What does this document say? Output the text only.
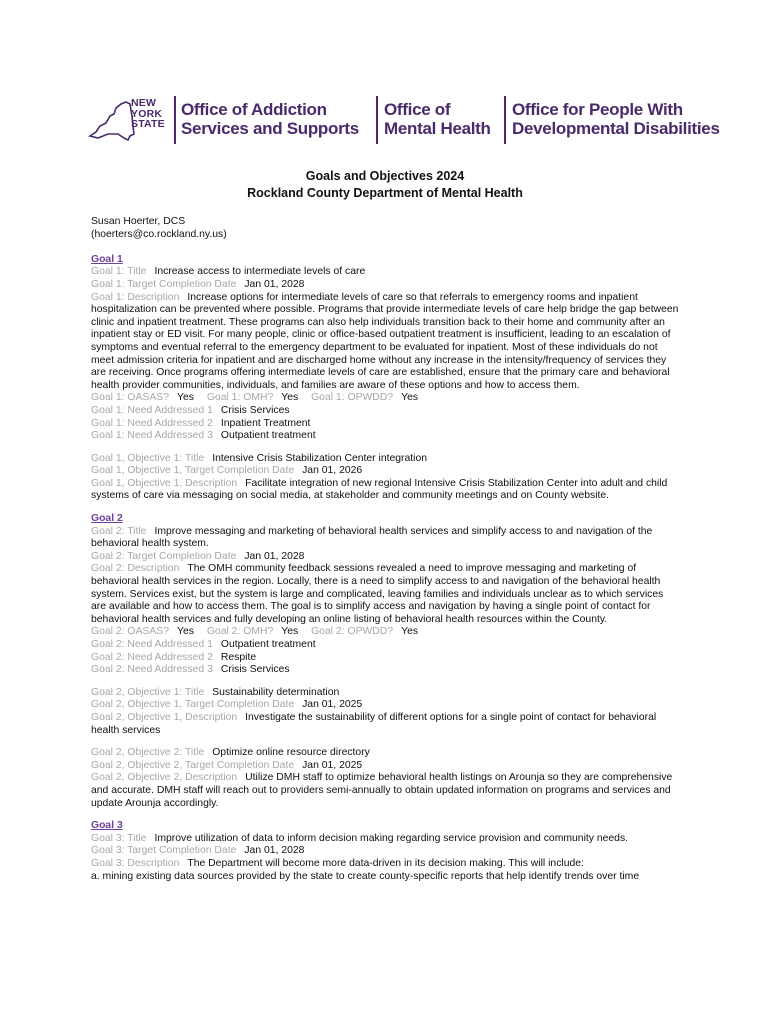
NEW
YORK
STATE
Office of Addiction
Services and Supports
Office of
Mental Health
Office for People With
Developmental Disabilities
Goals and Objectives 2024
Rockland County Department of Mental Health
Susan Hoerter, DCS
(hoerters@co.rockland.ny.us)
Goal 1
Goal 1: Title Increase access to intermediate levels of care
Goal 1: Target Completion Date Jan 01, 2028
Goal 1: Description Increase options for intermediate levels of care so that referrals to emergency rooms and inpatient hospitalization can be prevented where possible. Programs that provide intermediate levels of care help bridge the gap between clinic and inpatient treatment. These programs can also help individuals transition back to their home and community after an inpatient stay or ED visit. For many people, clinic or office-based outpatient treatment is insufficient, leading to an escalation of symptoms and eventual referral to the emergency department to be evaluated for inpatient. Most of these individuals do not meet admission criteria for inpatient and are discharged home without any increase in the intensity/frequency of services they are receiving. Once programs offering intermediate levels of care are established, ensure that the primary care and behavioral health provider communities, individuals, and families are aware of these options and how to access them.
Goal 1: OASAS? Yes Goal 1: OMH? Yes Goal 1: OPWDD? Yes
Goal 1: Need Addressed 1 Crisis Services
Goal 1: Need Addressed 2 Inpatient Treatment
Goal 1: Need Addressed 3 Outpatient treatment
Goal 1, Objective 1: Title Intensive Crisis Stabilization Center integration
Goal 1, Objective 1, Target Completion Date Jan 01, 2026
Goal 1, Objective 1, Description Facilitate integration of new regional Intensive Crisis Stabilization Center into adult and child systems of care via messaging on social media, at stakeholder and community meetings and on County website.
Goal 2
Goal 2: Title Improve messaging and marketing of behavioral health services and simplify access to and navigation of the behavioral health system.
Goal 2: Target Completion Date Jan 01, 2028
Goal 2: Description The OMH community feedback sessions revealed a need to improve messaging and marketing of behavioral health services in the region. Locally, there is a need to simplify access to and navigation of the behavioral health system. Services exist, but the system is large and complicated, leaving families and individuals unclear as to which services are available and how to access them. The goal is to simplify access and navigation by having a single point of contact for behavioral health services and fully developing an online listing of behavioral health resources within the County.
Goal 2: OASAS? Yes Goal 2: OMH? Yes Goal 2: OPWDD? Yes
Goal 2: Need Addressed 1 Outpatient treatment
Goal 2: Need Addressed 2 Respite
Goal 2: Need Addressed 3 Crisis Services
Goal 2, Objective 1: Title Sustainability determination
Goal 2, Objective 1, Target Completion Date Jan 01, 2025
Goal 2, Objective 1, Description Investigate the sustainability of different options for a single point of contact for behavioral health services
Goal 2, Objective 2: Title Optimize online resource directory
Goal 2, Objective 2, Target Completion Date Jan 01, 2025
Goal 2, Objective 2, Description Utilize DMH staff to optimize behavioral health listings on Arounja so they are comprehensive and accurate. DMH staff will reach out to providers semi-annually to obtain updated information on programs and services and update Arounja accordingly.
Goal 3
Goal 3: Title Improve utilization of data to inform decision making regarding service provision and community needs.
Goal 3: Target Completion Date Jan 01, 2028
Goal 3: Description The Department will become more data-driven in its decision making. This will include:
a. mining existing data sources provided by the state to create county-specific reports that help identify trends over time
